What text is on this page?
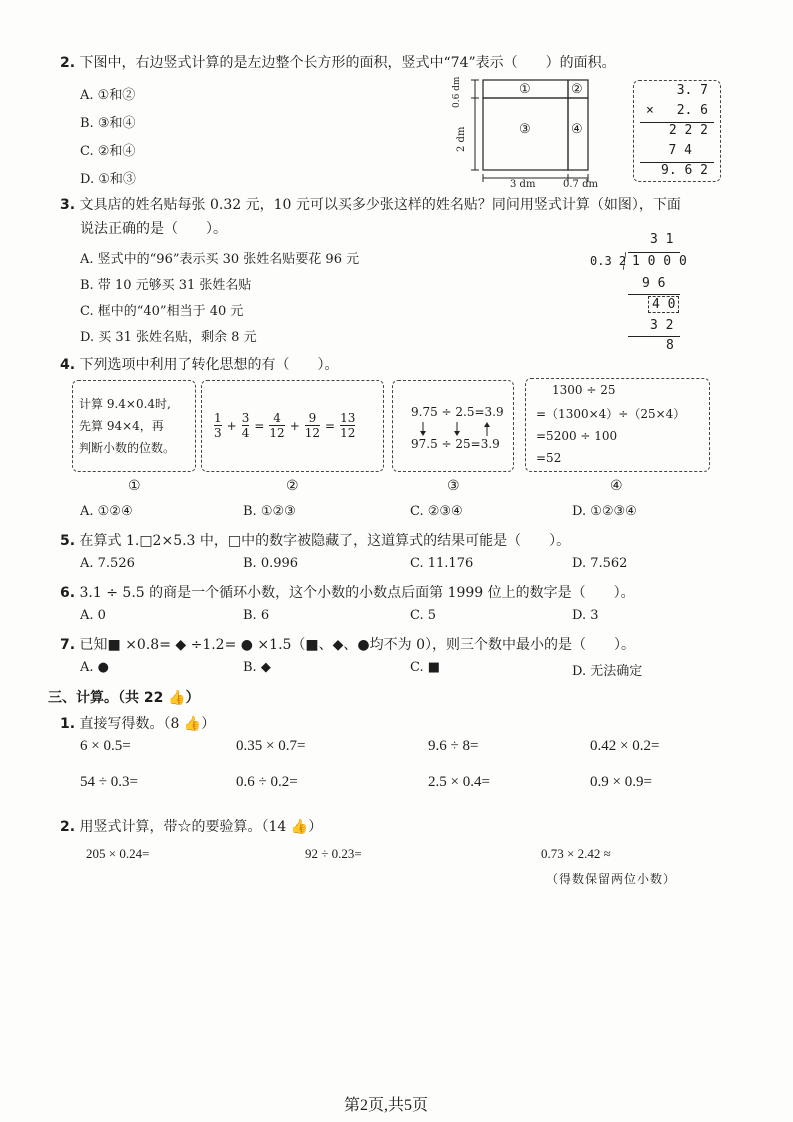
2. 下图中，右边竖式计算的是左边整个长方形的面积，竖式中“74”表示（　　）的面积。
A. ①和②
B. ③和④
C. ②和④
D. ①和③
①	②
③	④
0.6 dm
2 dm
3 dm	0.7 dm
3. 7
× 2. 6
2 2 2
7 4
9. 6 2
3. 文具店的姓名贴每张 0.32 元，10 元可以买多少张这样的姓名贴？同问用竖式计算（如图），下面
说法正确的是（　　）。
A. 竖式中的“96”表示买 30 张姓名贴要花 96 元
B. 带 10 元够买 31 张姓名贴
C. 框中的“40”相当于 40 元
D. 买 31 张姓名贴，剩余 8 元
3 1
0.3 2 1 0 0 0
9 6
4 0
3 2
8
4. 下列选项中利用了转化思想的有（　　）。
计算 9.4×0.4时,
先算 94×4，再
判断小数的位数。
$\frac{1}{3} + \frac{3}{4} = \frac{4}{12} + \frac{9}{12} = \frac{13}{12}$	9.75 ÷ 2.5=3.9
97.5 ÷ 25=3.9
1300 ÷ 25
=（1300×4）÷（25×4）
=5200 ÷ 100
=52
①	②	③	④
A. ①②④	B. ①②③	C. ②③④	D. ①②③④
5. 在算式 1.□2×5.3 中，□中的数字被隐藏了，这道算式的结果可能是（　　）。
A. 7.526	B. 0.996	C. 11.176	D. 7.562
6. 3.1 ÷ 5.5 的商是一个循环小数，这个小数的小数点后面第 1999 位上的数字是（　　）。
A. 0	B. 6	C. 5	D. 3
7. 已知■ ×0.8= ◆ ÷1.2= ● ×1.5（■、◆、●均不为 0），则三个数中最小的是（　　）。
A. ●	B. ◆	C. ■	D. 无法确定
三、计算。（共 22 👍）
1. 直接写得数。（8 👍）
6 × 0.5=	0.35 × 0.7=	9.6 ÷ 8=	0.42 × 0.2=
54 ÷ 0.3=	0.6 ÷ 0.2=	2.5 × 0.4=	0.9 × 0.9=
2. 用竖式计算，带☆的要验算。（14 👍）
205 × 0.24=	92 ÷ 0.23=	0.73 × 2.42 ≈
（得数保留两位小数）
第2页,共5页
